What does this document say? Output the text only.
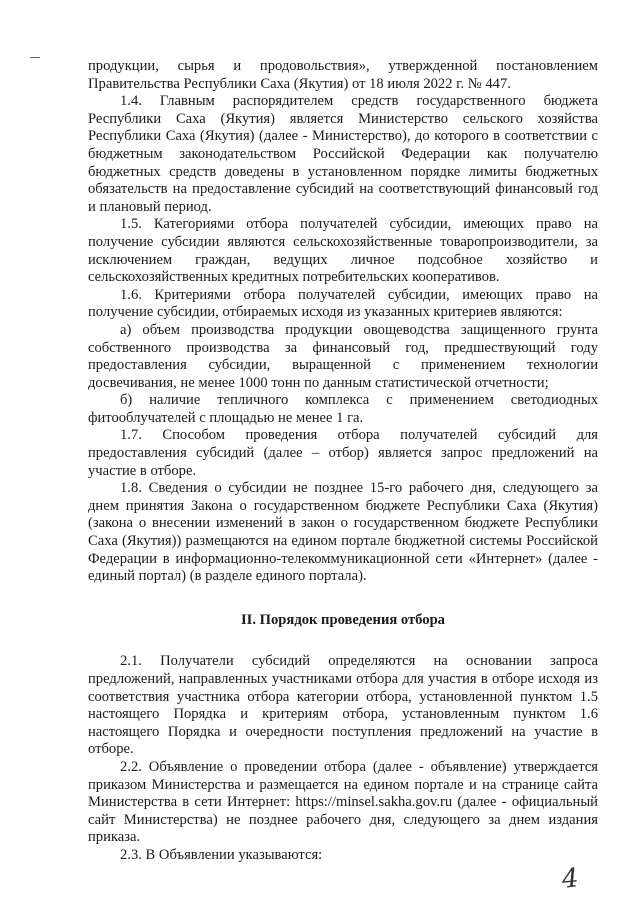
продукции, сырья и продовольствия», утвержденной постановлением Правительства Республики Саха (Якутия) от 18 июля 2022 г. № 447.

1.4. Главным распорядителем средств государственного бюджета Республики Саха (Якутия) является Министерство сельского хозяйства Республики Саха (Якутия) (далее - Министерство), до которого в соответствии с бюджетным законодательством Российской Федерации как получателю бюджетных средств доведены в установленном порядке лимиты бюджетных обязательств на предоставление субсидий на соответствующий финансовый год и плановый период.

1.5. Категориями отбора получателей субсидии, имеющих право на получение субсидии являются сельскохозяйственные товаропроизводители, за исключением граждан, ведущих личное подсобное хозяйство и сельскохозяйственных кредитных потребительских кооперативов.

1.6. Критериями отбора получателей субсидии, имеющих право на получение субсидии, отбираемых исходя из указанных критериев являются:

а) объем производства продукции овощеводства защищенного грунта собственного производства за финансовый год, предшествующий году предоставления субсидии, выращенной с применением технологии досвечивания, не менее 1000 тонн по данным статистической отчетности;

б) наличие тепличного комплекса с применением светодиодных фитооблучателей с площадью не менее 1 га.

1.7. Способом проведения отбора получателей субсидий для предоставления субсидий (далее – отбор) является запрос предложений на участие в отборе.

1.8. Сведения о субсидии не позднее 15-го рабочего дня, следующего за днем принятия Закона о государственном бюджете Республики Саха (Якутия) (закона о внесении изменений в закон о государственном бюджете Республики Саха (Якутия)) размещаются на едином портале бюджетной системы Российской Федерации в информационно-телекоммуникационной сети «Интернет» (далее - единый портал) (в разделе единого портала).

II. Порядок проведения отбора

2.1. Получатели субсидий определяются на основании запроса предложений, направленных участниками отбора для участия в отборе исходя из соответствия участника отбора категории отбора, установленной пунктом 1.5 настоящего Порядка и критериям отбора, установленным пунктом 1.6 настоящего Порядка и очередности поступления предложений на участие в отборе.

2.2. Объявление о проведении отбора (далее - объявление) утверждается приказом Министерства и размещается на едином портале и на странице сайта Министерства в сети Интернет: https://minsel.sakha.gov.ru (далее - официальный сайт Министерства) не позднее рабочего дня, следующего за днем издания приказа.

2.3. В Объявлении указываются:

4
